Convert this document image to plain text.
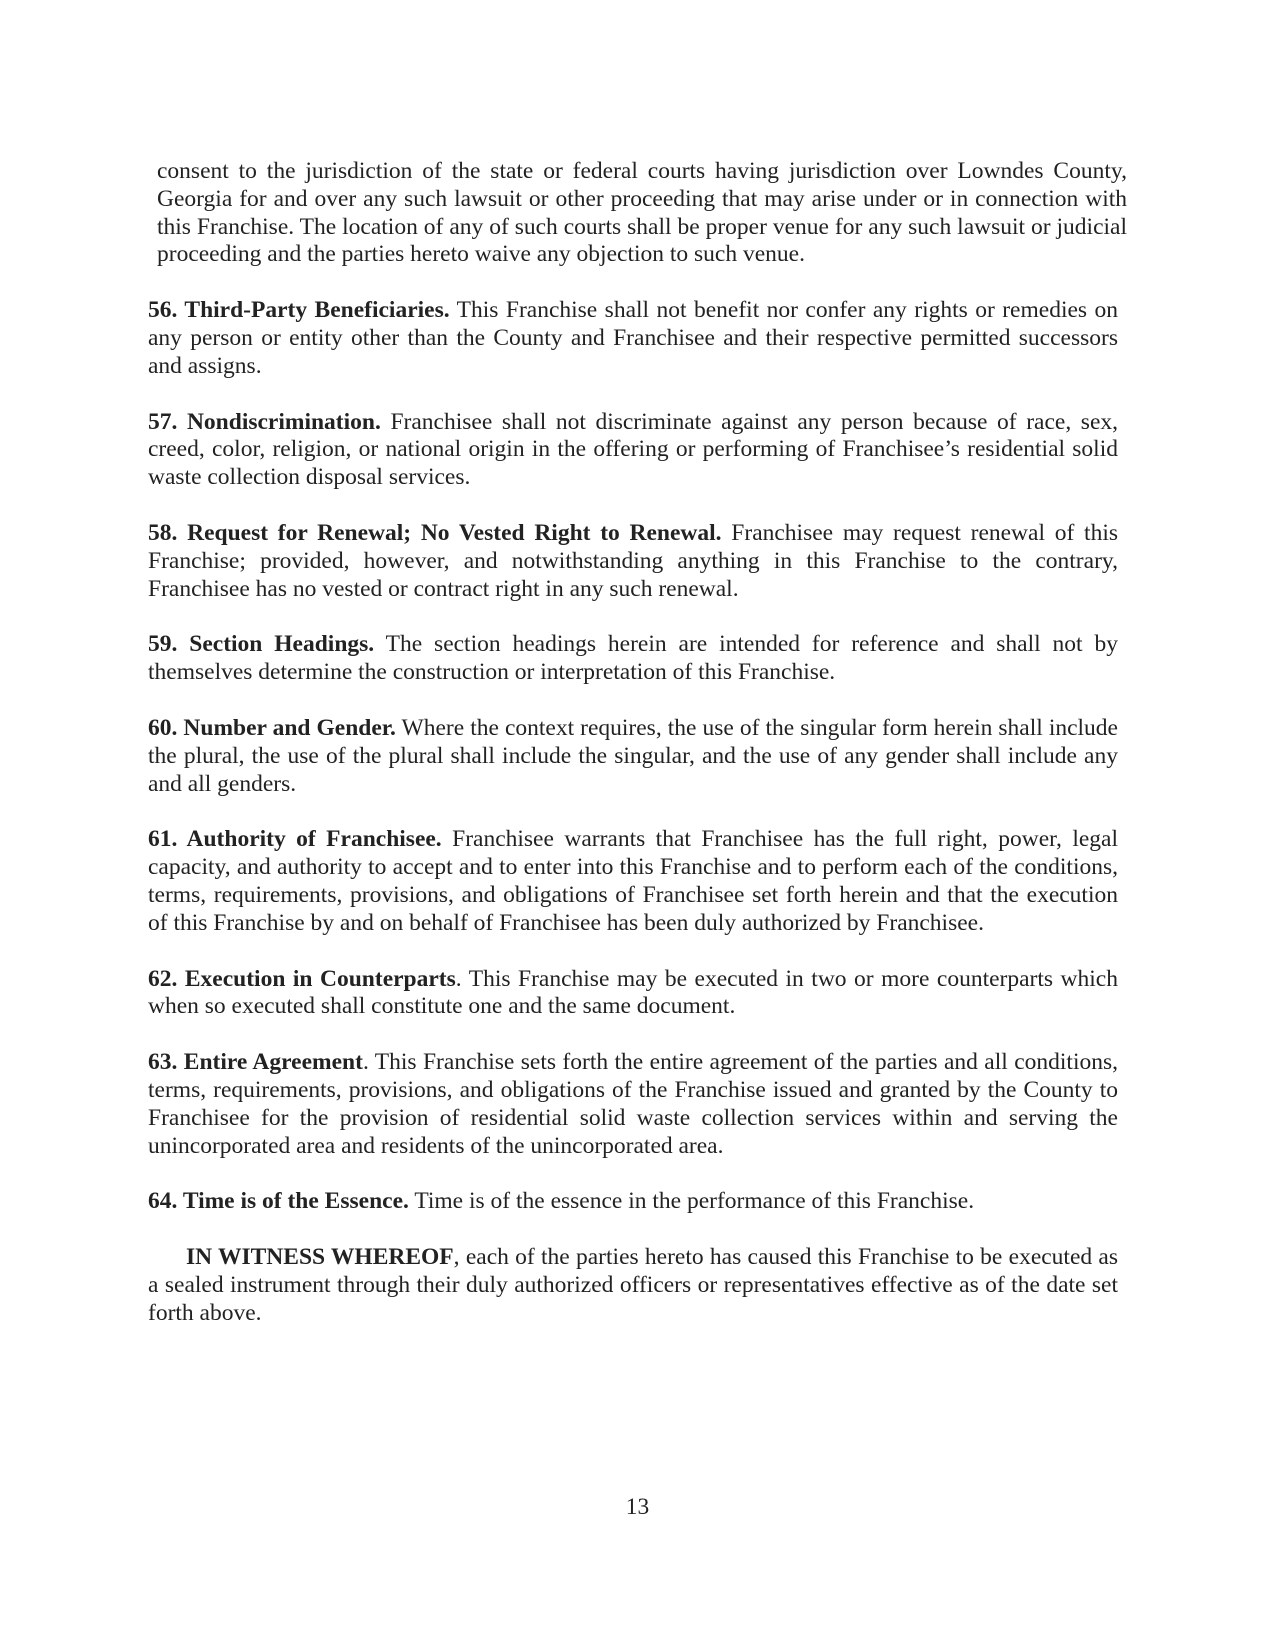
consent to the jurisdiction of the state or federal courts having jurisdiction over Lowndes County, Georgia for and over any such lawsuit or other proceeding that may arise under or in connection with this Franchise. The location of any of such courts shall be proper venue for any such lawsuit or judicial proceeding and the parties hereto waive any objection to such venue.

56. Third-Party Beneficiaries. This Franchise shall not benefit nor confer any rights or remedies on any person or entity other than the County and Franchisee and their respective permitted successors and assigns.

57. Nondiscrimination. Franchisee shall not discriminate against any person because of race, sex, creed, color, religion, or national origin in the offering or performing of Franchisee’s residential solid waste collection disposal services.

58. Request for Renewal; No Vested Right to Renewal. Franchisee may request renewal of this Franchise; provided, however, and notwithstanding anything in this Franchise to the contrary, Franchisee has no vested or contract right in any such renewal.

59. Section Headings. The section headings herein are intended for reference and shall not by themselves determine the construction or interpretation of this Franchise.

60. Number and Gender. Where the context requires, the use of the singular form herein shall include the plural, the use of the plural shall include the singular, and the use of any gender shall include any and all genders.

61. Authority of Franchisee. Franchisee warrants that Franchisee has the full right, power, legal capacity, and authority to accept and to enter into this Franchise and to perform each of the conditions, terms, requirements, provisions, and obligations of Franchisee set forth herein and that the execution of this Franchise by and on behalf of Franchisee has been duly authorized by Franchisee.

62. Execution in Counterparts. This Franchise may be executed in two or more counterparts which when so executed shall constitute one and the same document.

63. Entire Agreement. This Franchise sets forth the entire agreement of the parties and all conditions, terms, requirements, provisions, and obligations of the Franchise issued and granted by the County to Franchisee for the provision of residential solid waste collection services within and serving the unincorporated area and residents of the unincorporated area.

64. Time is of the Essence. Time is of the essence in the performance of this Franchise.

IN WITNESS WHEREOF, each of the parties hereto has caused this Franchise to be executed as a sealed instrument through their duly authorized officers or representatives effective as of the date set forth above.

13
